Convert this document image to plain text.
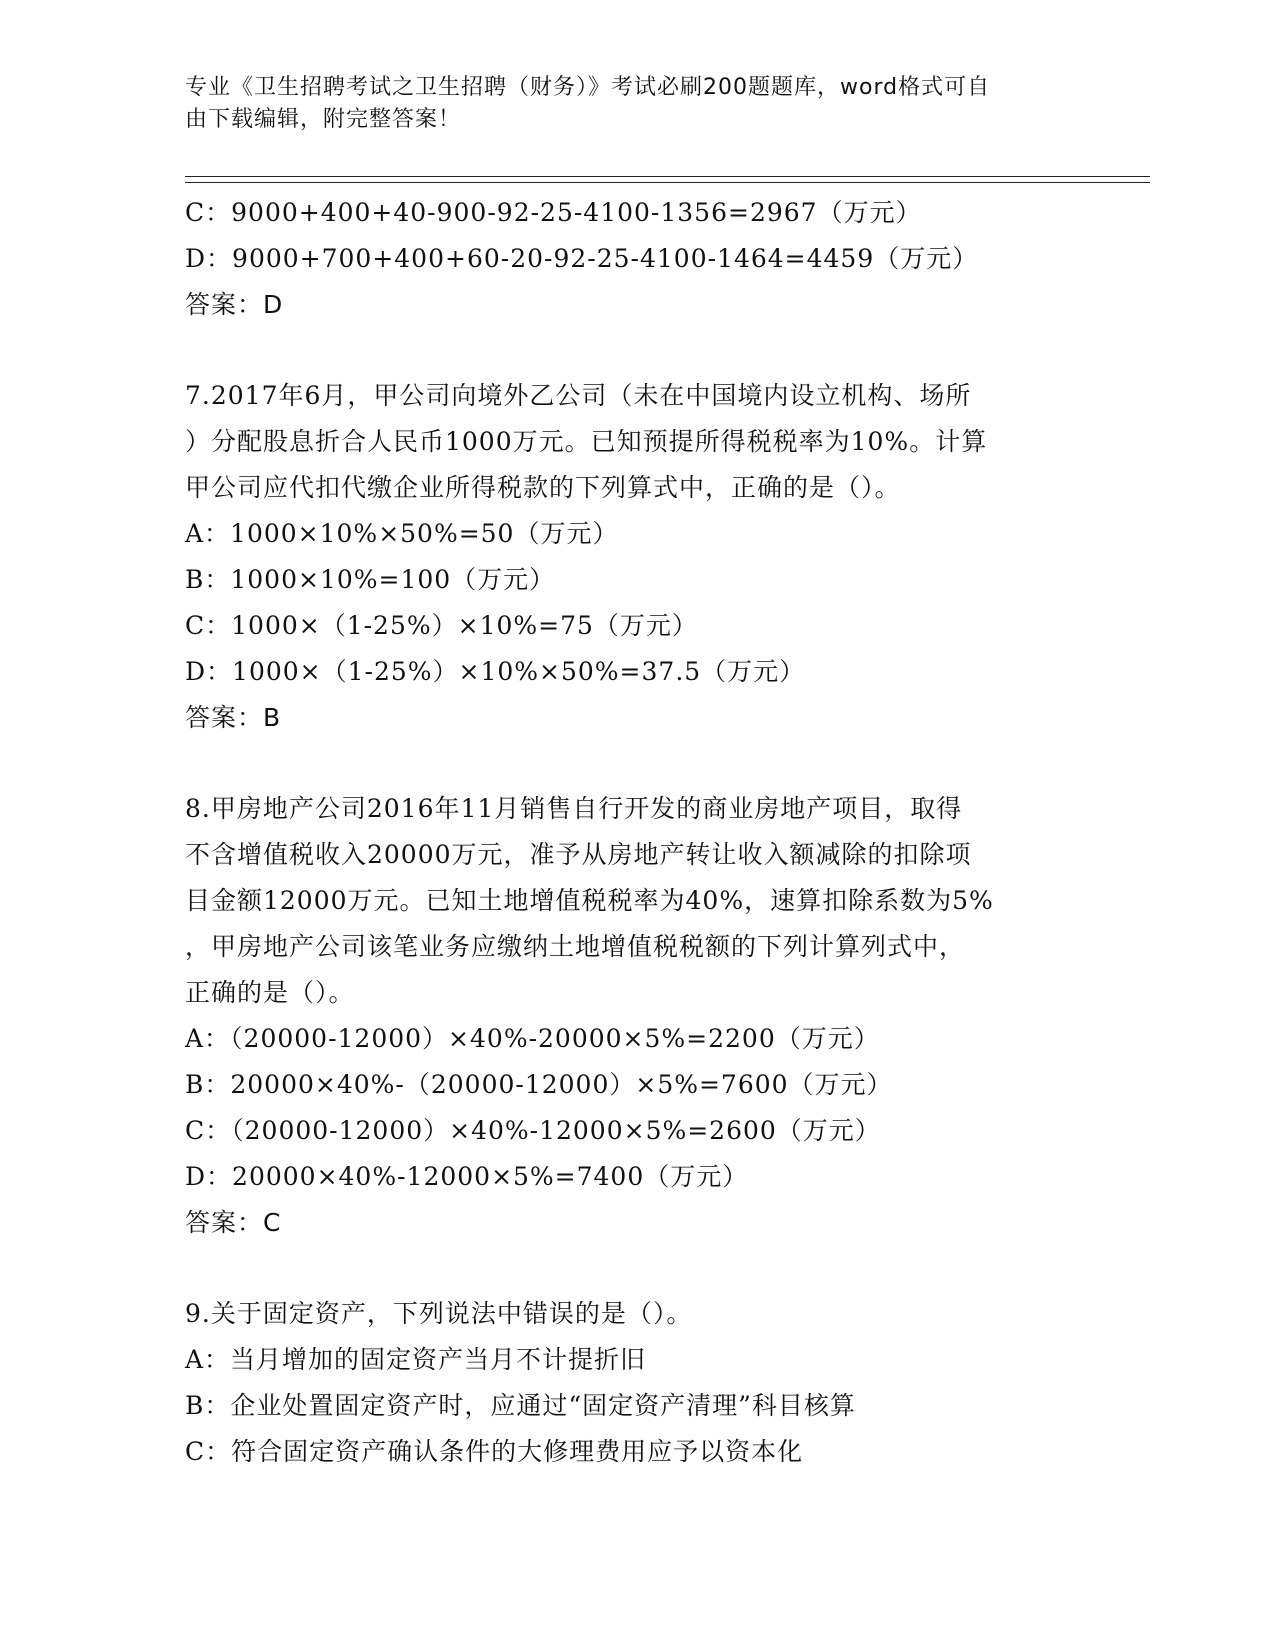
专业《卫生招聘考试之卫生招聘（财务）》考试必刷200题题库，word格式可自
由下载编辑，附完整答案！
C：9000+400+40-900-92-25-4100-1356=2967（万元）
D：9000+700+400+60-20-92-25-4100-1464=4459（万元）
答案：D
7.2017年6月，甲公司向境外乙公司（未在中国境内设立机构、场所
）分配股息折合人民币1000万元。已知预提所得税税率为10%。计算
甲公司应代扣代缴企业所得税款的下列算式中，正确的是（）。
A：1000×10%×50%=50（万元）
B：1000×10%=100（万元）
C：1000×（1-25%）×10%=75（万元）
D：1000×（1-25%）×10%×50%=37.5（万元）
答案：B
8.甲房地产公司2016年11月销售自行开发的商业房地产项目，取得
不含增值税收入20000万元，准予从房地产转让收入额减除的扣除项
目金额12000万元。已知土地增值税税率为40%，速算扣除系数为5%
，甲房地产公司该笔业务应缴纳土地增值税税额的下列计算列式中，
正确的是（）。
A：（20000-12000）×40%-20000×5%=2200（万元）
B：20000×40%-（20000-12000）×5%=7600（万元）
C：（20000-12000）×40%-12000×5%=2600（万元）
D：20000×40%-12000×5%=7400（万元）
答案：C
9.关于固定资产，下列说法中错误的是（）。
A：当月增加的固定资产当月不计提折旧
B：企业处置固定资产时，应通过“固定资产清理”科目核算
C：符合固定资产确认条件的大修理费用应予以资本化
